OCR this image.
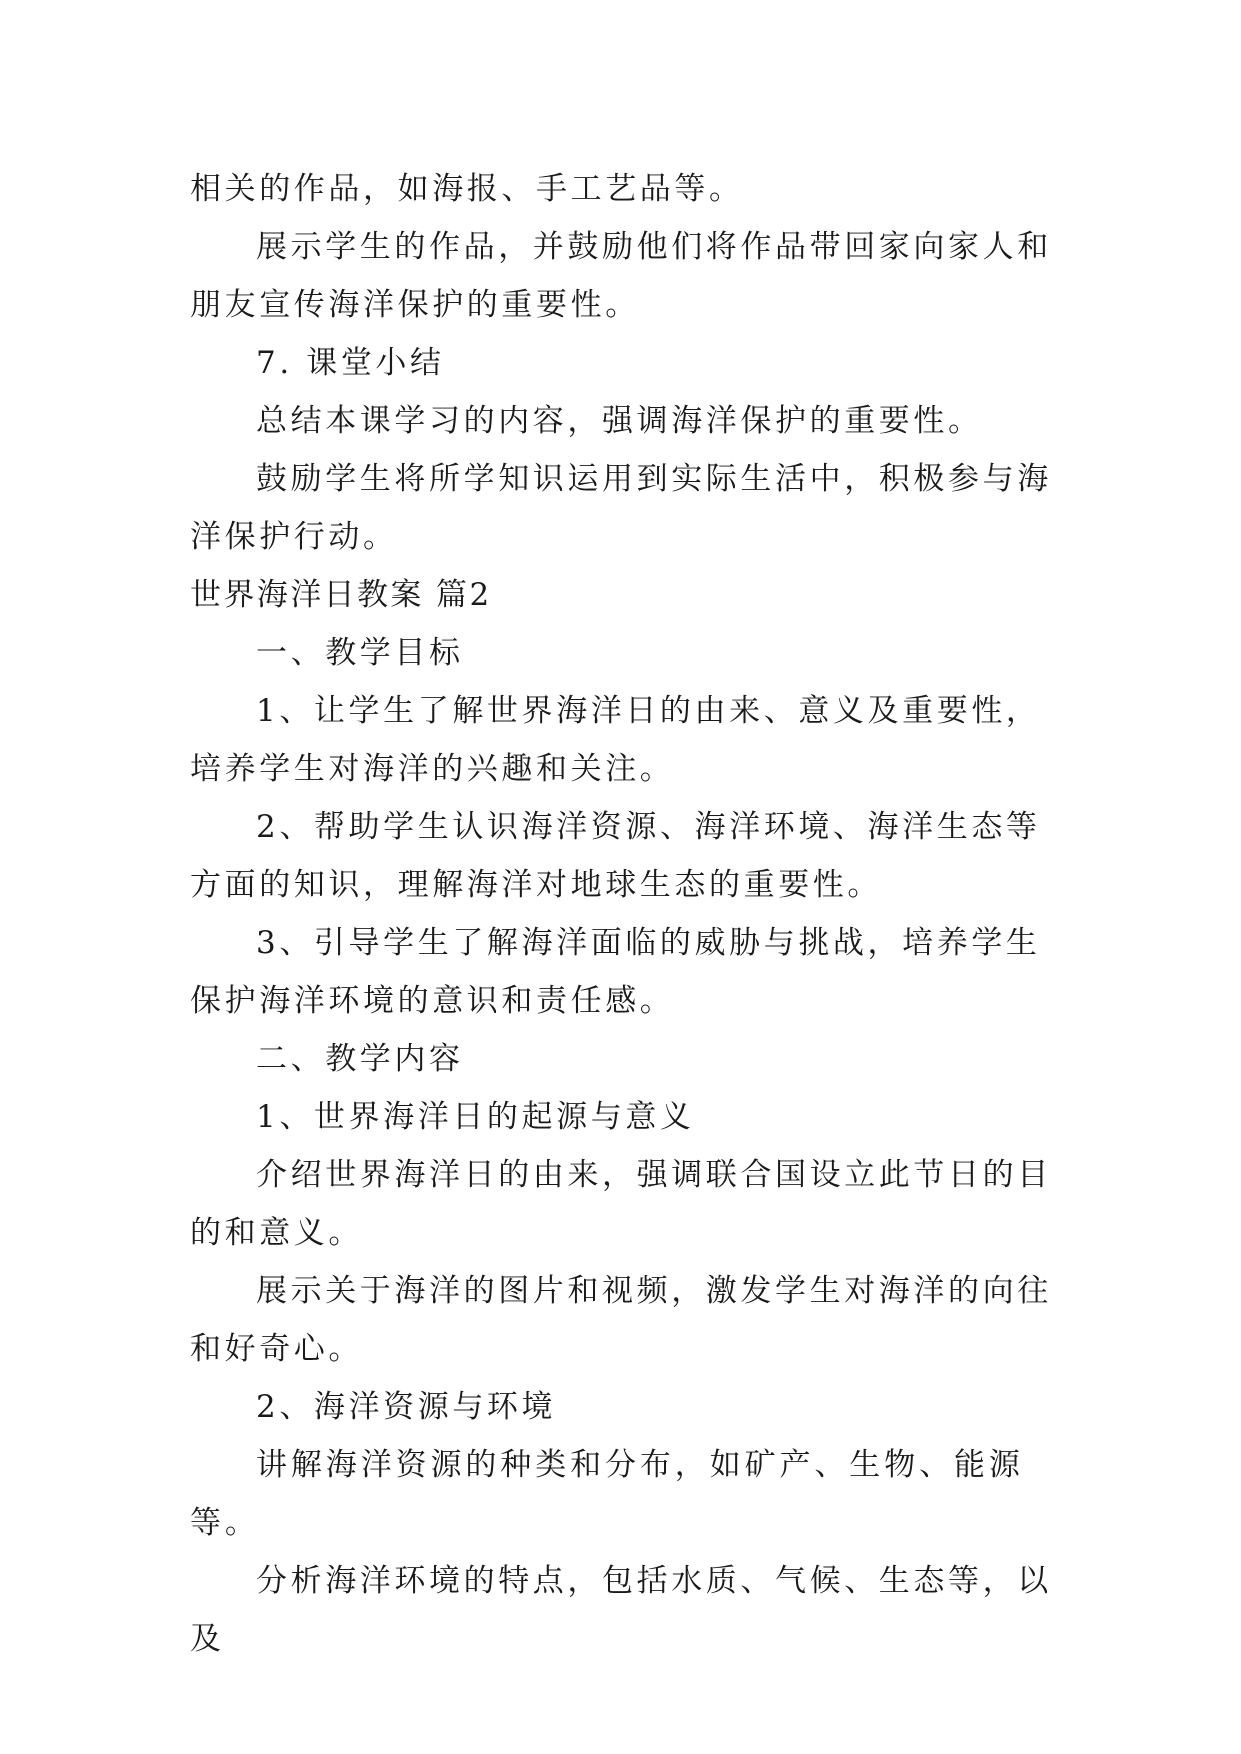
相关的作品，如海报、手工艺品等。

展示学生的作品，并鼓励他们将作品带回家向家人和朋友宣传海洋保护的重要性。

7. 课堂小结

总结本课学习的内容，强调海洋保护的重要性。

鼓励学生将所学知识运用到实际生活中，积极参与海洋保护行动。

世界海洋日教案 篇2

一、教学目标

1、让学生了解世界海洋日的由来、意义及重要性，培养学生对海洋的兴趣和关注。

2、帮助学生认识海洋资源、海洋环境、海洋生态等方面的知识，理解海洋对地球生态的重要性。

3、引导学生了解海洋面临的威胁与挑战，培养学生保护海洋环境的意识和责任感。

二、教学内容

1、世界海洋日的起源与意义

介绍世界海洋日的由来，强调联合国设立此节日的目的和意义。

展示关于海洋的图片和视频，激发学生对海洋的向往和好奇心。

2、海洋资源与环境

讲解海洋资源的种类和分布，如矿产、生物、能源等。

分析海洋环境的特点，包括水质、气候、生态等，以及
